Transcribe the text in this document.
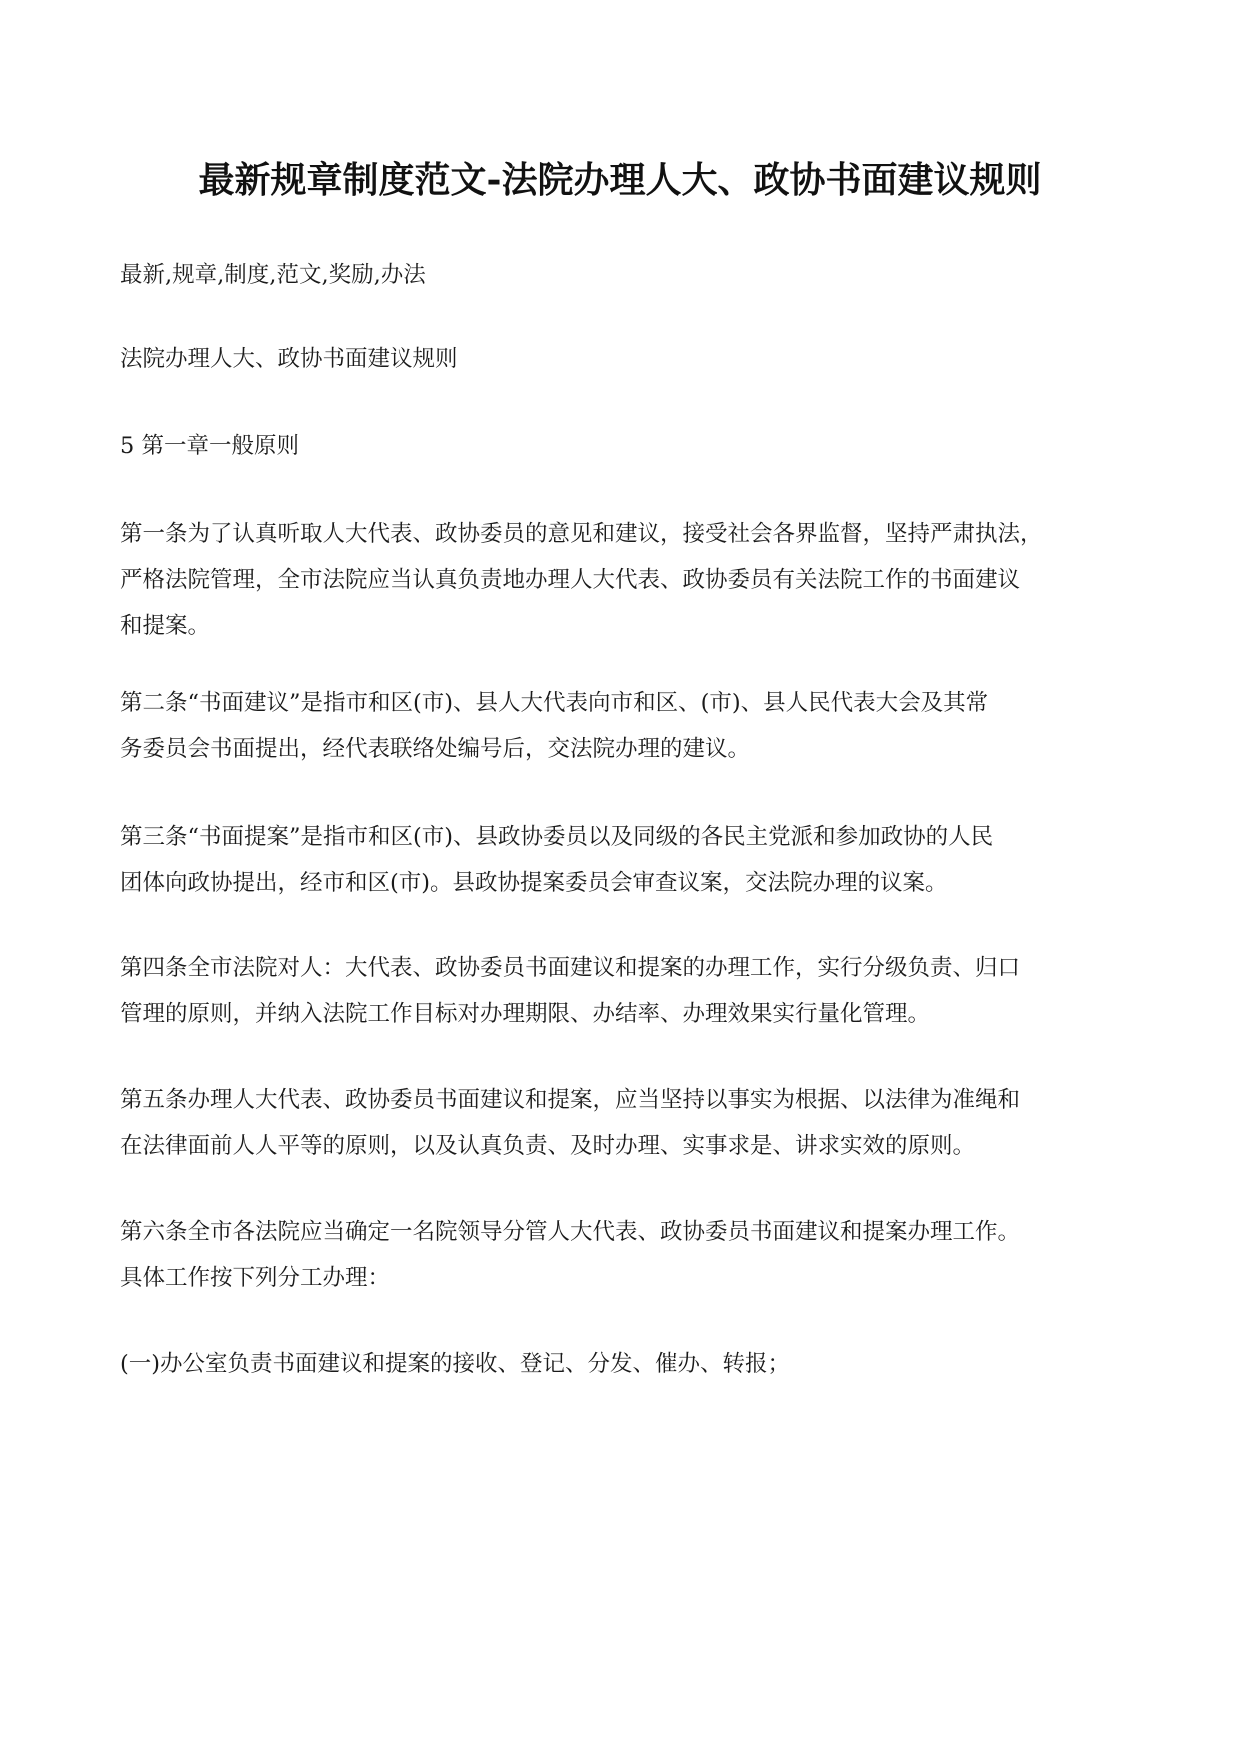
最新规章制度范文-法院办理人大、政协书面建议规则

最新,规章,制度,范文,奖励,办法

法院办理人大、政协书面建议规则

5 第一章一般原则

第一条为了认真听取人大代表、政协委员的意见和建议，接受社会各界监督，坚持严肃执法，
严格法院管理，全市法院应当认真负责地办理人大代表、政协委员有关法院工作的书面建议
和提案。

第二条“书面建议”是指市和区(市)、县人大代表向市和区、(市)、县人民代表大会及其常
务委员会书面提出，经代表联络处编号后，交法院办理的建议。

第三条“书面提案”是指市和区(市)、县政协委员以及同级的各民主党派和参加政协的人民
团体向政协提出，经市和区(市)。县政协提案委员会审查议案，交法院办理的议案。

第四条全市法院对人：大代表、政协委员书面建议和提案的办理工作，实行分级负责、归口
管理的原则，并纳入法院工作目标对办理期限、办结率、办理效果实行量化管理。

第五条办理人大代表、政协委员书面建议和提案，应当坚持以事实为根据、以法律为准绳和
在法律面前人人平等的原则，以及认真负责、及时办理、实事求是、讲求实效的原则。

第六条全市各法院应当确定一名院领导分管人大代表、政协委员书面建议和提案办理工作。
具体工作按下列分工办理：

(一)办公室负责书面建议和提案的接收、登记、分发、催办、转报；
